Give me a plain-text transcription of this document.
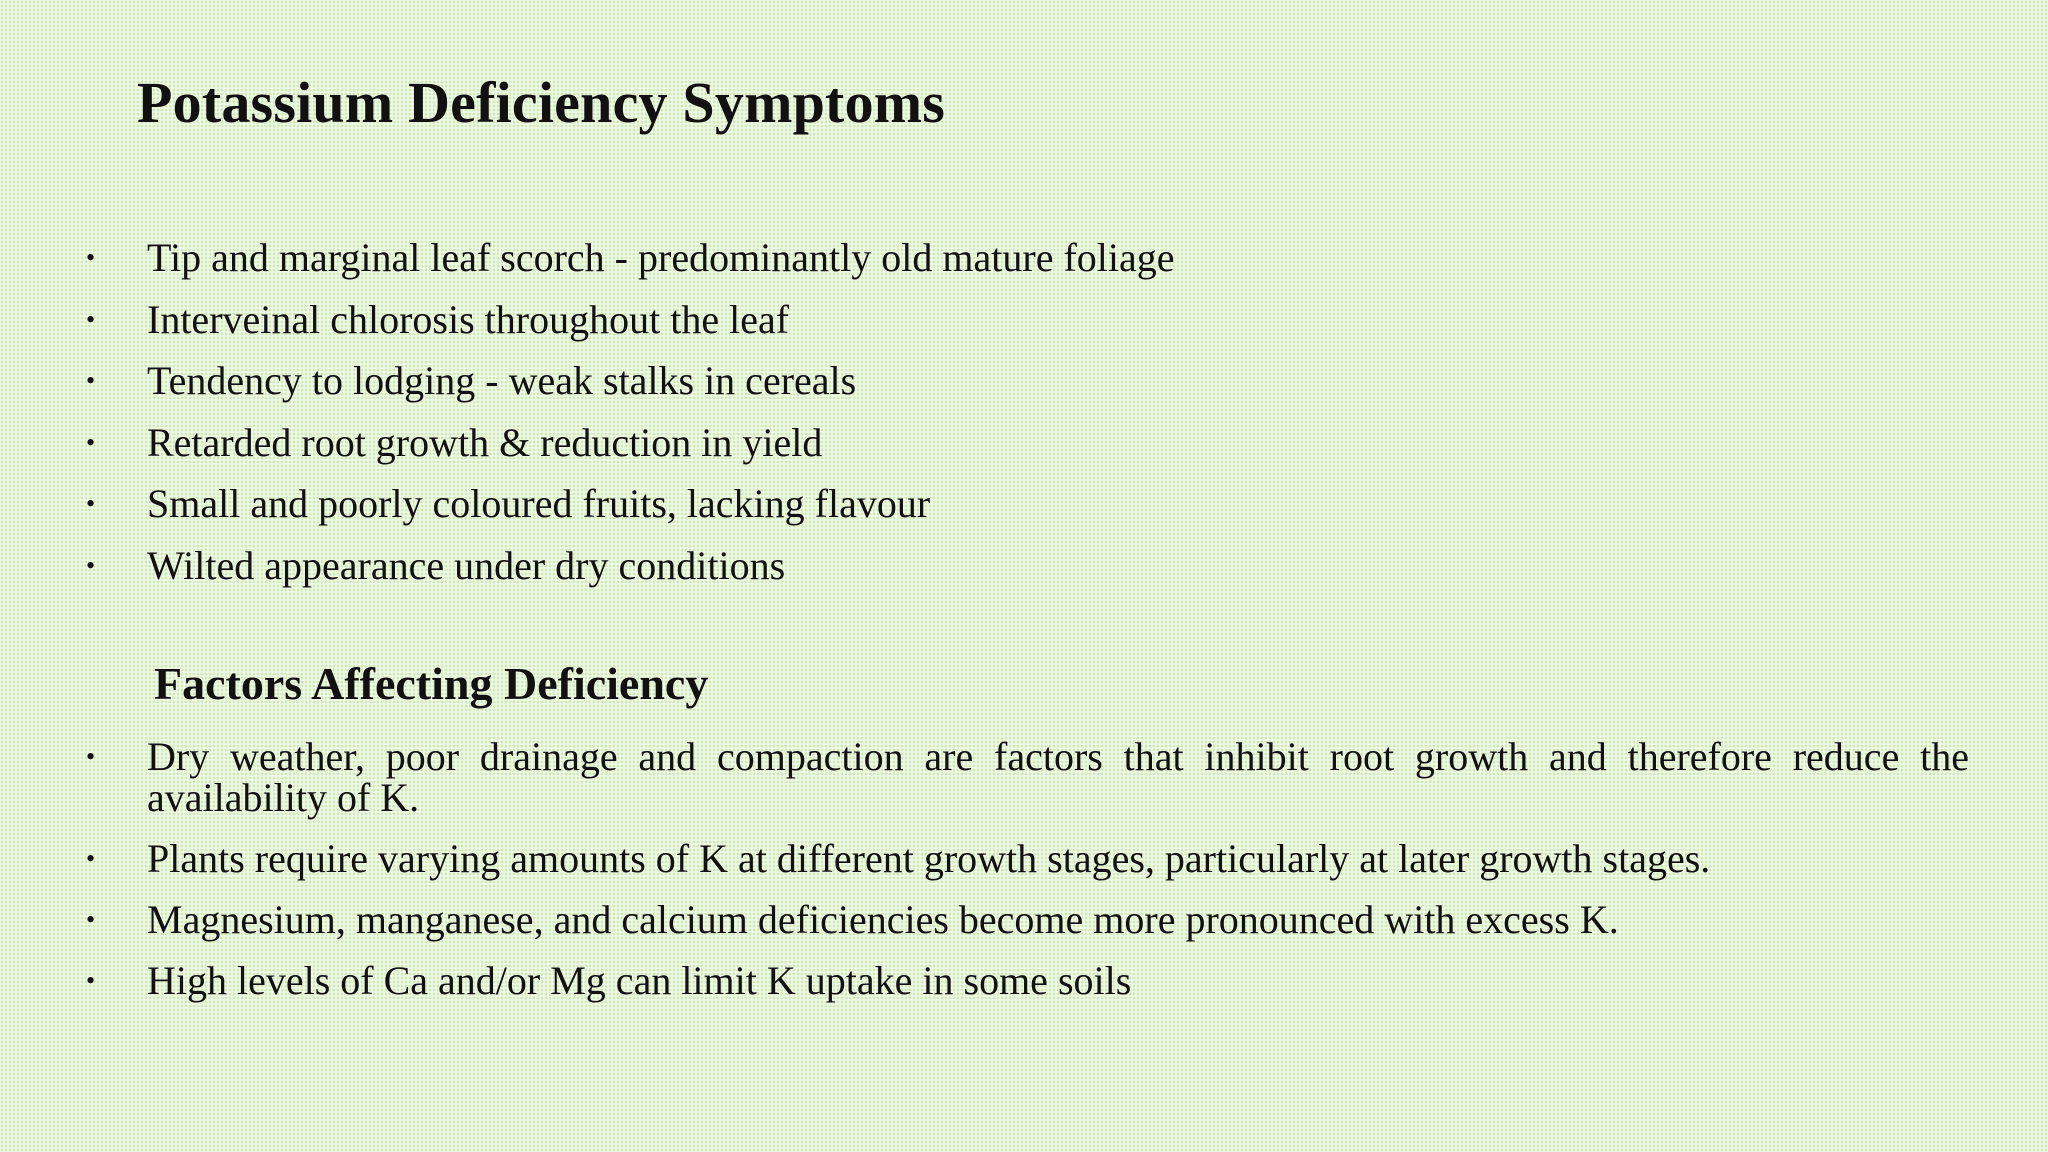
Potassium Deficiency Symptoms
• Tip and marginal leaf scorch - predominantly old mature foliage
• Interveinal chlorosis throughout the leaf
• Tendency to lodging - weak stalks in cereals
• Retarded root growth & reduction in yield
• Small and poorly coloured fruits, lacking flavour
• Wilted appearance under dry conditions
Factors Affecting Deficiency
• Dry weather, poor drainage and compaction are factors that inhibit root growth and therefore reduce the availability of K.
• Plants require varying amounts of K at different growth stages, particularly at later growth stages.
• Magnesium, manganese, and calcium deficiencies become more pronounced with excess K.
• High levels of Ca and/or Mg can limit K uptake in some soils
